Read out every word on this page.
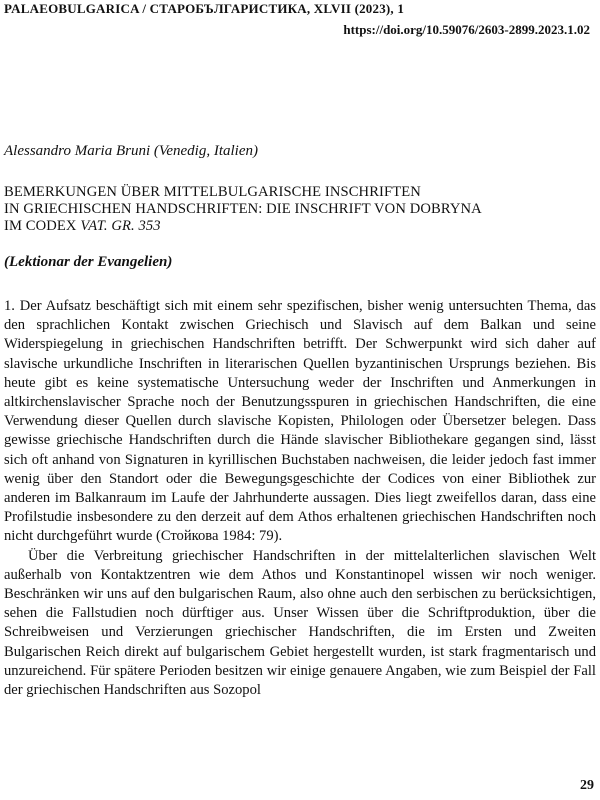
PALAEOBULGARICA / СТАРОБЪЛГАРИСТИКА, XLVII (2023), 1
https://doi.org/10.59076/2603-2899.2023.1.02
Alessandro Maria Bruni (Venedig, Italien)
BEMERKUNGEN ÜBER MITTELBULGARISCHE INSCHRIFTEN
IN GRIECHISCHEN HANDSCHRIFTEN: DIE INSCHRIFT VON DOBRYNA
IM CODEX VAT. GR. 353
(Lektionar der Evangelien)

1. Der Aufsatz beschäftigt sich mit einem sehr spezifischen, bisher wenig untersuchten Thema, das den sprachlichen Kontakt zwischen Griechisch und Slavisch auf dem Balkan und seine Widerspiegelung in griechischen Handschriften betrifft. Der Schwerpunkt wird sich daher auf slavische urkundliche Inschriften in literarischen Quellen byzantinischen Ursprungs beziehen. Bis heute gibt es keine systematische Untersuchung weder der Inschriften und Anmerkungen in altkirchenslavischer Sprache noch der Benutzungsspuren in griechischen Handschriften, die eine Verwendung dieser Quellen durch slavische Kopisten, Philologen oder Übersetzer belegen. Dass gewisse griechische Handschriften durch die Hände slavischer Bibliothekare gegangen sind, lässt sich oft anhand von Signaturen in kyrillischen Buchstaben nachweisen, die leider jedoch fast immer wenig über den Standort oder die Bewegungsgeschichte der Codices von einer Bibliothek zur anderen im Balkanraum im Laufe der Jahrhunderte aussagen. Dies liegt zweifellos daran, dass eine Profilstudie insbesondere zu den derzeit auf dem Athos erhaltenen griechischen Handschriften noch nicht durchgeführt wurde (Стойкова 1984: 79).

Über die Verbreitung griechischer Handschriften in der mittelalterlichen slavischen Welt außerhalb von Kontaktzentren wie dem Athos und Konstantinopel wissen wir noch weniger. Beschränken wir uns auf den bulgarischen Raum, also ohne auch den serbischen zu berücksichtigen, sehen die Fallstudien noch dürftiger aus. Unser Wissen über die Schriftproduktion, über die Schreibweisen und Verzierungen griechischer Handschriften, die im Ersten und Zweiten Bulgarischen Reich direkt auf bulgarischem Gebiet hergestellt wurden, ist stark fragmentarisch und unzureichend. Für spätere Perioden besitzen wir einige genauere Angaben, wie zum Beispiel der Fall der griechischen Handschriften aus Sozopol

29
